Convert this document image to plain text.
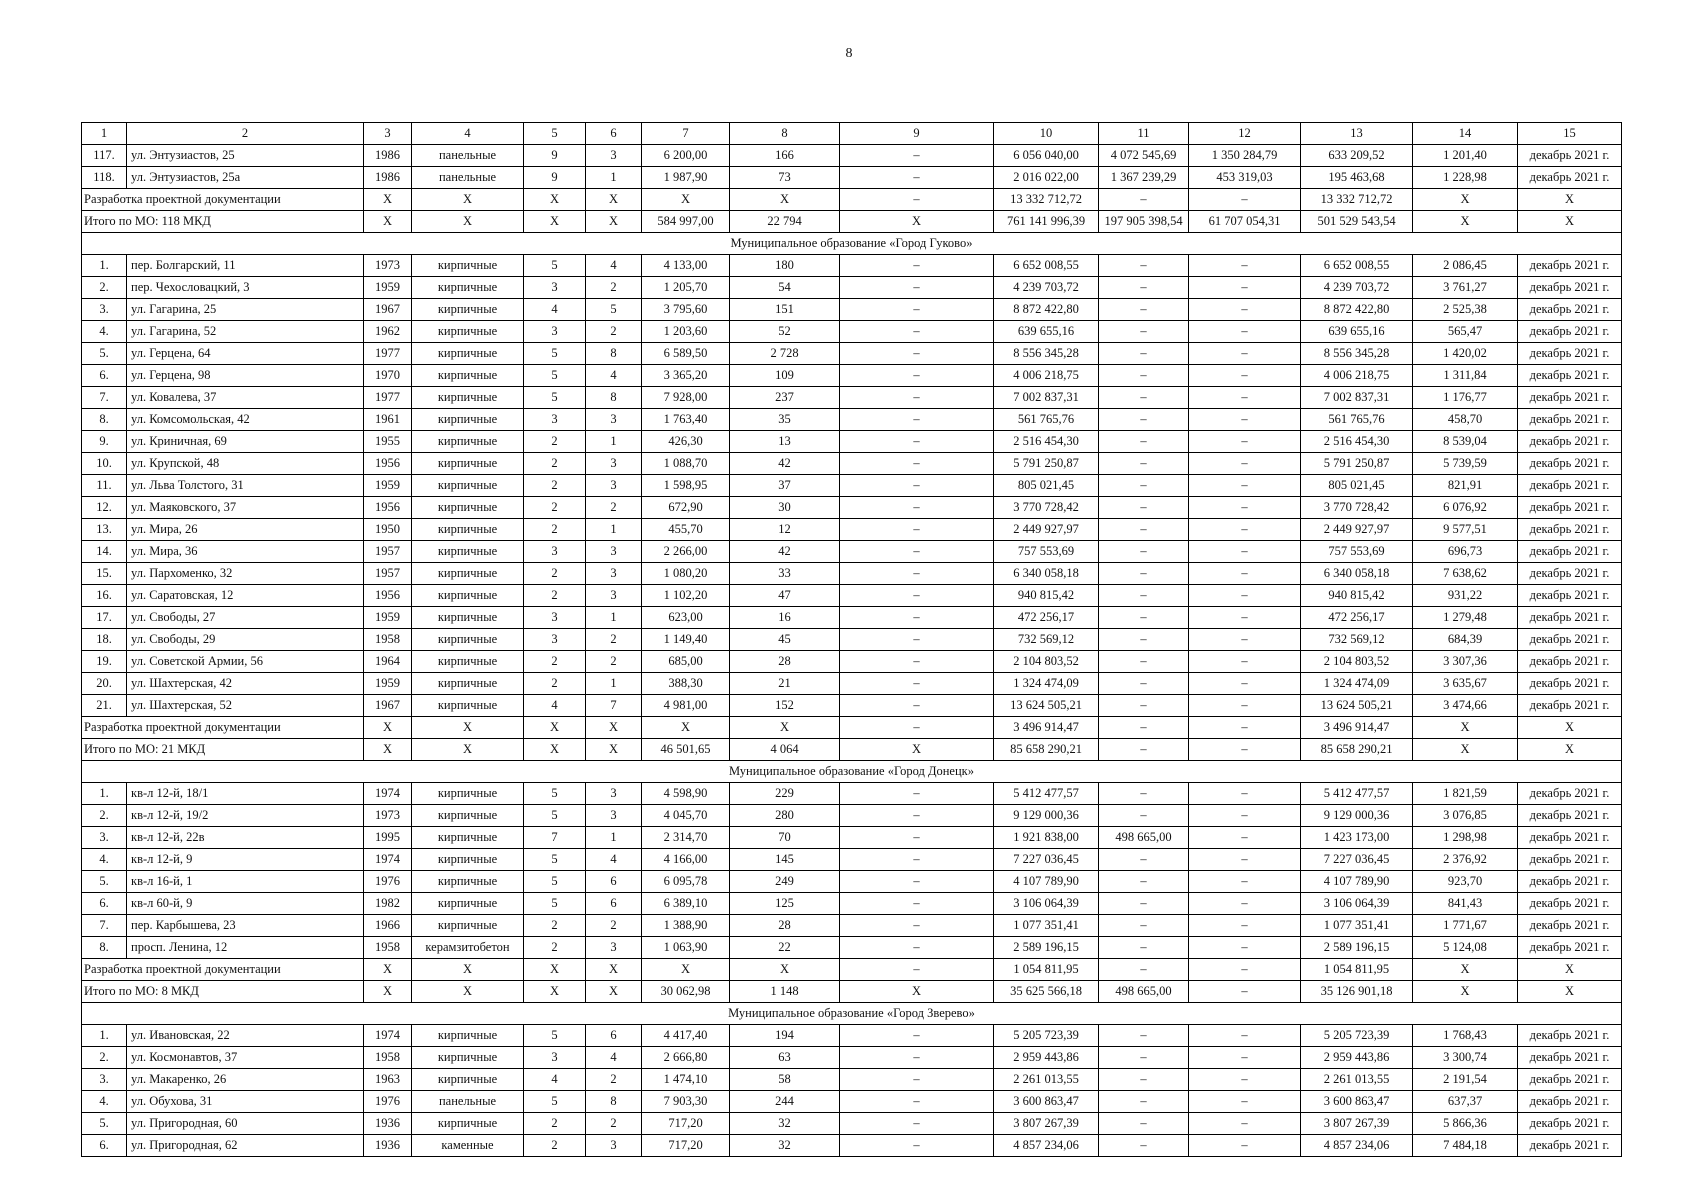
8
1	2	3	4	5	6	7	8	9	10	11	12	13	14	15
117.	ул. Энтузиастов, 25	1986	панельные	9	3	6 200,00	166	–	6 056 040,00	4 072 545,69	1 350 284,79	633 209,52	1 201,40	декабрь 2021 г.
118.	ул. Энтузиастов, 25а	1986	панельные	9	1	1 987,90	73	–	2 016 022,00	1 367 239,29	453 319,03	195 463,68	1 228,98	декабрь 2021 г.
Разработка проектной документации		X	X	X	X	X	X	–	13 332 712,72	–	–	13 332 712,72	X	X
Итого по МО: 118 МКД		X	X	X	X	584 997,00	22 794	X	761 141 996,39	197 905 398,54	61 707 054,31	501 529 543,54	X	X
Муниципальное образование «Город Гуково»														
1.	пер. Болгарский, 11	1973	кирпичные	5	4	4 133,00	180	–	6 652 008,55	–	–	6 652 008,55	2 086,45	декабрь 2021 г.
2.	пер. Чехословацкий, 3	1959	кирпичные	3	2	1 205,70	54	–	4 239 703,72	–	–	4 239 703,72	3 761,27	декабрь 2021 г.
3.	ул. Гагарина, 25	1967	кирпичные	4	5	3 795,60	151	–	8 872 422,80	–	–	8 872 422,80	2 525,38	декабрь 2021 г.
4.	ул. Гагарина, 52	1962	кирпичные	3	2	1 203,60	52	–	639 655,16	–	–	639 655,16	565,47	декабрь 2021 г.
5.	ул. Герцена, 64	1977	кирпичные	5	8	6 589,50	2 728	–	8 556 345,28	–	–	8 556 345,28	1 420,02	декабрь 2021 г.
6.	ул. Герцена, 98	1970	кирпичные	5	4	3 365,20	109	–	4 006 218,75	–	–	4 006 218,75	1 311,84	декабрь 2021 г.
7.	ул. Ковалева, 37	1977	кирпичные	5	8	7 928,00	237	–	7 002 837,31	–	–	7 002 837,31	1 176,77	декабрь 2021 г.
8.	ул. Комсомольская, 42	1961	кирпичные	3	3	1 763,40	35	–	561 765,76	–	–	561 765,76	458,70	декабрь 2021 г.
9.	ул. Криничная, 69	1955	кирпичные	2	1	426,30	13	–	2 516 454,30	–	–	2 516 454,30	8 539,04	декабрь 2021 г.
10.	ул. Крупской, 48	1956	кирпичные	2	3	1 088,70	42	–	5 791 250,87	–	–	5 791 250,87	5 739,59	декабрь 2021 г.
11.	ул. Льва Толстого, 31	1959	кирпичные	2	3	1 598,95	37	–	805 021,45	–	–	805 021,45	821,91	декабрь 2021 г.
12.	ул. Маяковского, 37	1956	кирпичные	2	2	672,90	30	–	3 770 728,42	–	–	3 770 728,42	6 076,92	декабрь 2021 г.
13.	ул. Мира, 26	1950	кирпичные	2	1	455,70	12	–	2 449 927,97	–	–	2 449 927,97	9 577,51	декабрь 2021 г.
14.	ул. Мира, 36	1957	кирпичные	3	3	2 266,00	42	–	757 553,69	–	–	757 553,69	696,73	декабрь 2021 г.
15.	ул. Пархоменко, 32	1957	кирпичные	2	3	1 080,20	33	–	6 340 058,18	–	–	6 340 058,18	7 638,62	декабрь 2021 г.
16.	ул. Саратовская, 12	1956	кирпичные	2	3	1 102,20	47	–	940 815,42	–	–	940 815,42	931,22	декабрь 2021 г.
17.	ул. Свободы, 27	1959	кирпичные	3	1	623,00	16	–	472 256,17	–	–	472 256,17	1 279,48	декабрь 2021 г.
18.	ул. Свободы, 29	1958	кирпичные	3	2	1 149,40	45	–	732 569,12	–	–	732 569,12	684,39	декабрь 2021 г.
19.	ул. Советской Армии, 56	1964	кирпичные	2	2	685,00	28	–	2 104 803,52	–	–	2 104 803,52	3 307,36	декабрь 2021 г.
20.	ул. Шахтерская, 42	1959	кирпичные	2	1	388,30	21	–	1 324 474,09	–	–	1 324 474,09	3 635,67	декабрь 2021 г.
21.	ул. Шахтерская, 52	1967	кирпичные	4	7	4 981,00	152	–	13 624 505,21	–	–	13 624 505,21	3 474,66	декабрь 2021 г.
Разработка проектной документации		X	X	X	X	X	X	–	3 496 914,47	–	–	3 496 914,47	X	X
Итого по МО: 21 МКД		X	X	X	X	46 501,65	4 064	X	85 658 290,21	–	–	85 658 290,21	X	X
Муниципальное образование «Город Донецк»														
1.	кв-л 12-й, 18/1	1974	кирпичные	5	3	4 598,90	229	–	5 412 477,57	–	–	5 412 477,57	1 821,59	декабрь 2021 г.
2.	кв-л 12-й, 19/2	1973	кирпичные	5	3	4 045,70	280	–	9 129 000,36	–	–	9 129 000,36	3 076,85	декабрь 2021 г.
3.	кв-л 12-й, 22в	1995	кирпичные	7	1	2 314,70	70	–	1 921 838,00	498 665,00	–	1 423 173,00	1 298,98	декабрь 2021 г.
4.	кв-л 12-й, 9	1974	кирпичные	5	4	4 166,00	145	–	7 227 036,45	–	–	7 227 036,45	2 376,92	декабрь 2021 г.
5.	кв-л 16-й, 1	1976	кирпичные	5	6	6 095,78	249	–	4 107 789,90	–	–	4 107 789,90	923,70	декабрь 2021 г.
6.	кв-л 60-й, 9	1982	кирпичные	5	6	6 389,10	125	–	3 106 064,39	–	–	3 106 064,39	841,43	декабрь 2021 г.
7.	пер. Карбышева, 23	1966	кирпичные	2	2	1 388,90	28	–	1 077 351,41	–	–	1 077 351,41	1 771,67	декабрь 2021 г.
8.	просп. Ленина, 12	1958	керамзитобетон	2	3	1 063,90	22	–	2 589 196,15	–	–	2 589 196,15	5 124,08	декабрь 2021 г.
Разработка проектной документации		X	X	X	X	X	X	–	1 054 811,95	–	–	1 054 811,95	X	X
Итого по МО: 8 МКД		X	X	X	X	30 062,98	1 148	X	35 625 566,18	498 665,00	–	35 126 901,18	X	X
Муниципальное образование «Город Зверево»														
1.	ул. Ивановская, 22	1974	кирпичные	5	6	4 417,40	194	–	5 205 723,39	–	–	5 205 723,39	1 768,43	декабрь 2021 г.
2.	ул. Космонавтов, 37	1958	кирпичные	3	4	2 666,80	63	–	2 959 443,86	–	–	2 959 443,86	3 300,74	декабрь 2021 г.
3.	ул. Макаренко, 26	1963	кирпичные	4	2	1 474,10	58	–	2 261 013,55	–	–	2 261 013,55	2 191,54	декабрь 2021 г.
4.	ул. Обухова, 31	1976	панельные	5	8	7 903,30	244	–	3 600 863,47	–	–	3 600 863,47	637,37	декабрь 2021 г.
5.	ул. Пригородная, 60	1936	кирпичные	2	2	717,20	32	–	3 807 267,39	–	–	3 807 267,39	5 866,36	декабрь 2021 г.
6.	ул. Пригородная, 62	1936	каменные	2	3	717,20	32	–	4 857 234,06	–	–	4 857 234,06	7 484,18	декабрь 2021 г.
